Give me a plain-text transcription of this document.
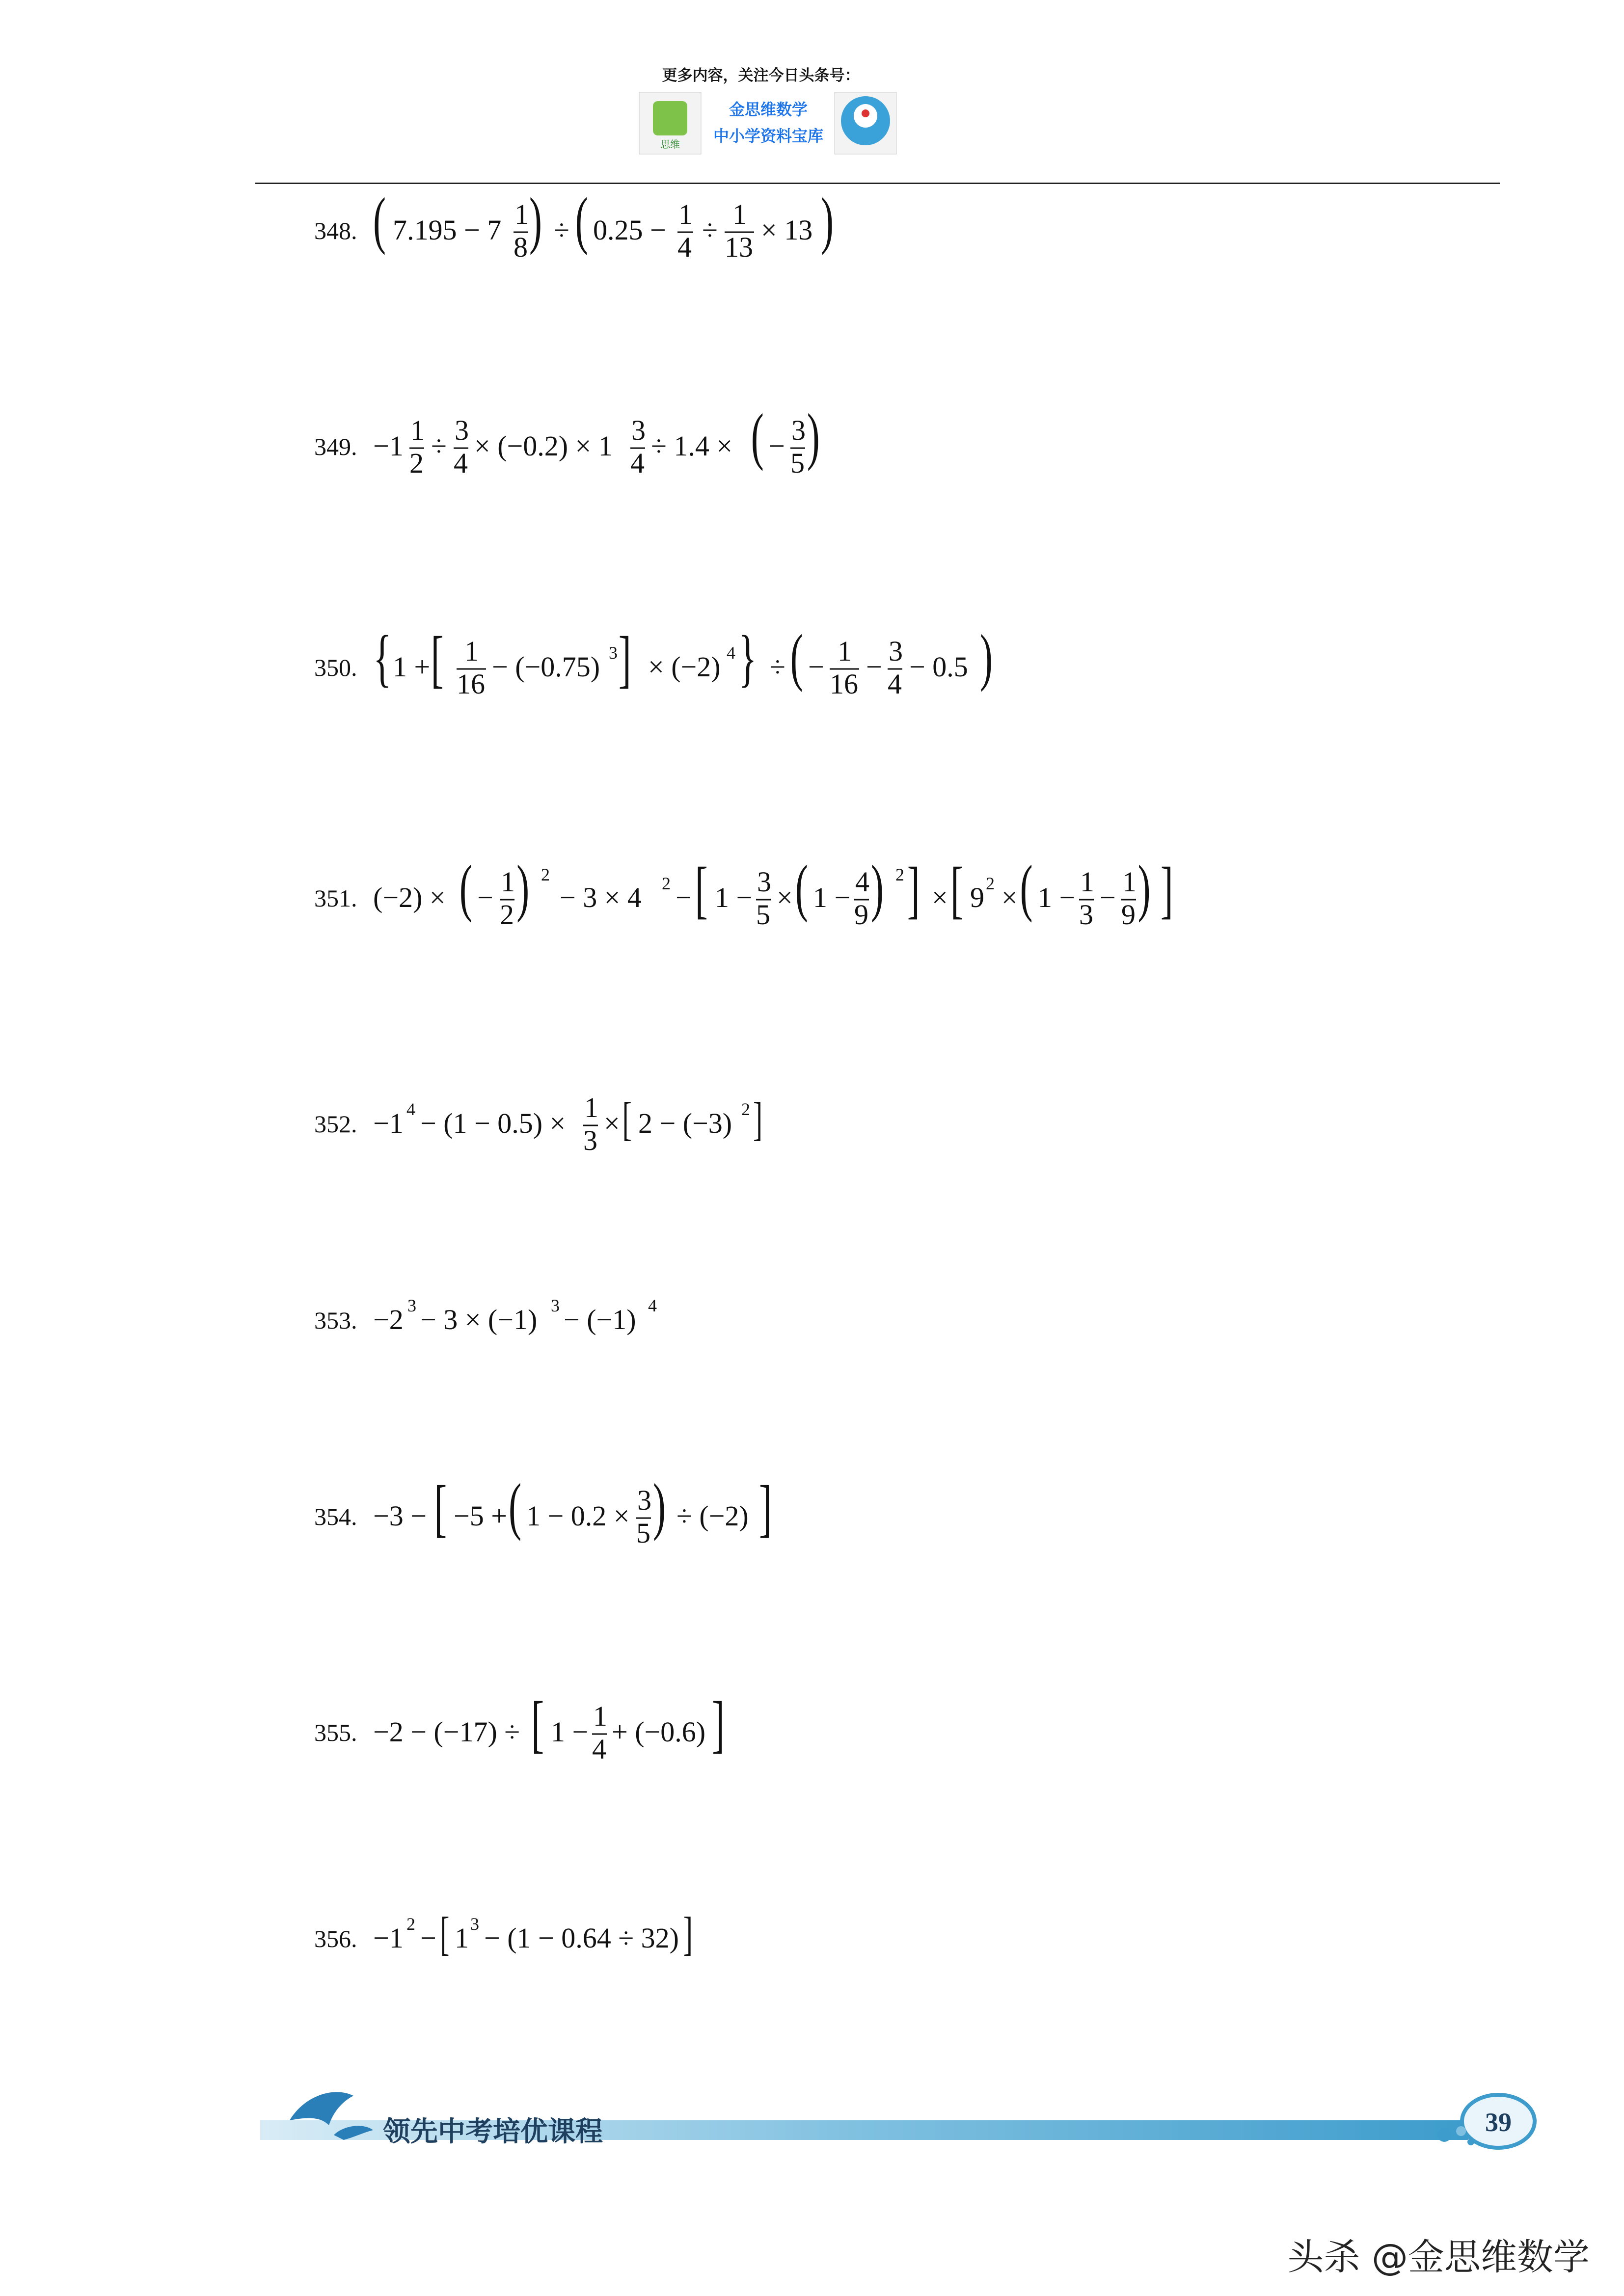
更多内容，关注今日头条号：
思维
金思维数学
中小学资料宝库
348. ( 7.195 − 7 1
8 ) ÷ ( 0.25 − 1
4
÷ 1
13
× 13 )
349. −1 1
2
÷ 3
4
× (−0.2) × 1 3
4
÷ 1.4 × ( − 3
5 )
350. { 1 + [ 1
16
− (−0.75) 3 ] × (−2) 4 } ÷ ( − 1
16
− 3
4
− 0.5 )
351. (−2) × ( − 1
2 ) 2
− 3 × 4 2 − [ 1 − 3
5
× ( 1 − 4
9 ) 2 ] × [ 9 2 × ( 1 − 1
3
− 1
9 ) ]
352. −1 4 − (1 − 0.5) × 1
3
× [ 2 − (−3) 2 ]
353. −2 3 − 3 × (−1) 3 − (−1) 4
354. −3 − [ −5 + ( 1 − 0.2 × 3
5 ) ÷ (−2) ]
355. −2 − (−17) ÷ [ 1 − 1
4
+ (−0.6) ]
356. −1 2 − [ 1 3 − (1 − 0.64 ÷ 32) ]
领先中考培优课程	39
头杀 @金思维数学
